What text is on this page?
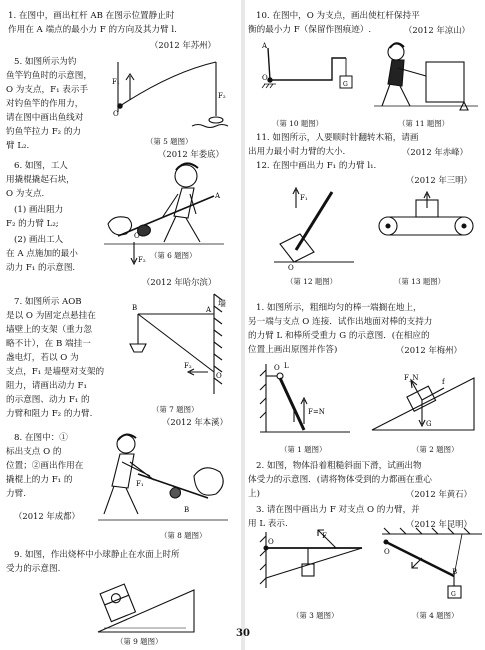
1. 在图中，画出杠杆 AB 在图示位置静止时
作用在 A 端点的最小力 F 的方向及其力臂 l.
（2012 年苏州）
5. 如图所示为钓
鱼竿钓鱼时的示意图，
O 为支点，F₁ 表示手
对钓鱼竿的作用力，
请在图中画出鱼线对
钓鱼竿拉力 F₂ 的力
臂 L₂.
F₁
O
F₂
（第 5 题图）
（2012 年娄底）
6. 如图，工人
用撬棍撬起石块，
O 为支点.
(1) 画出阻力
F₂ 的力臂 L₂;
(2) 画出工人
在 A 点施加的最小
动力 F₁ 的示意图.
A
O
F₂ （第 6 题图）
（2012 年哈尔滨）
7. 如图所示 AOB
是以 O 为固定点悬挂在
墙壁上的支架（重力忽
略不计），在 B 端挂一
盏电灯，若以 O 为
支点，F₁ 是墙壁对支架的
阻力，请画出动力 F₁
的示意图、动力 F₁ 的
力臂和阻力 F₂ 的力臂.
A
B
O
F₂
墙
（第 7 题图）
（2012 年本溪）
8. 在图中：①
标出支点 O 的
位置；②画出作用在
撬棍上的力 F₁ 的
力臂.
（2012 年成都）
F₁
B
（第 8 题图）
9. 如图，作出烧杯中小球静止在水面上时所
受力的示意图.
（第 9 题图）
10. 在图中，O 为支点，画出使杠杆保持平
衡的最小力 F（保留作图痕迹）.	（2012 年凉山）
A
O
G
（第 10 题图）	（第 11 题图）
11. 如图所示，人要顺时针翻转木箱，请画
出用力最小时力臂的大小.	（2012 年赤峰）
12. 在图中画出力 F₁ 的力臂 l₁.
（2012 年三明）
F₁
O
（第 12 题图）	（第 13 题图）
1. 如图所示，粗细均匀的棒一端搁在地上，
另一端与支点 O 连接．试作出地面对棒的支持力
的力臂 L 和棒所受重力 G 的示意图．(在相应的
位置上画出原图并作答)	（2012 年梅州）
O L
F=N
F_N
G
f
（第 1 题图）	（第 2 题图）
2. 如图，物体沿着粗糙斜面下滑，试画出物
体受力的示意图．(请将物体受到的力都画在重心
上)	（2012 年黄石）
3. 请在图中画出力 F 对支点 O 的力臂，并
用 L 表示.	（2012 年昆明）
O
F
B
G
O
（第 3 题图）	（第 4 题图）
30
